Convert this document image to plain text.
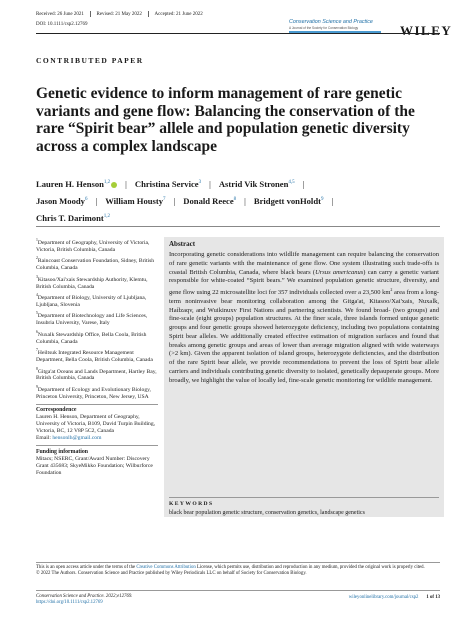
Received: 26 June 2021	Revised: 21 May 2022	Accepted: 21 June 2022
DOI: 10.1111/csp2.12769	Conservation Science and Practice
A Journal of the Society for Conservation Biology	WILEY
CONTRIBUTED PAPER
Genetic evidence to inform management of rare genetic variants and gene flow: Balancing the conservation of the rare “Spirit bear” allele and population genetic diversity across a complex landscape
Lauren H. Henson$^{1,2}$ | Christina Service$^3$ | Astrid Vik Stronen$^{4,5}$ |
Jason Moody$^6$ | William Housty$^7$ | Donald Reece$^8$ | Bridgett vonHoldt$^9$ |
Chris T. Darimont$^{1,2}$
$^1$Department of Geography, University of Victoria, Victoria, British Columbia, Canada
$^2$Raincoast Conservation Foundation, Sidney, British Columbia, Canada
$^3$Kitasoo/Xai'xais Stewardship Authority, Klemtu, British Columbia, Canada
$^4$Department of Biology, University of Ljubljana, Ljubljana, Slovenia
$^5$Department of Biotechnology and Life Sciences, Insubria University, Varese, Italy
$^6$Nuxalk Stewardship Office, Bella Coola, British Columbia, Canada
$^7$Heiltsuk Integrated Resource Management Department, Bella Coola, British Columbia, Canada
$^8$Gitga'at Oceans and Lands Department, Hartley Bay, British Columbia, Canada
$^9$Department of Ecology and Evolutionary Biology, Princeton University, Princeton, New Jersey, USA
Correspondence
Lauren H. Henson, Department of Geography, University of Victoria, B109, David Turpin Building, Victoria, BC, 12 V8P 5C2, Canada
Email: hensonlh@gmail.com
Funding information
Mitacs; NSERC, Grant/Award Number: Discovery Grant 435683; SkyeMikko Foundation; Wilburforce Foundation
Abstract
Incorporating genetic considerations into wildlife management can require balancing the conservation of rare genetic variants with the maintenance of gene flow. One system illustrating such trade-offs is coastal British Columbia, Canada, where black bears (Ursus americanus) can carry a genetic variant responsible for white-coated “Spirit bears.” We examined population genetic structure, diversity, and gene flow using 22 microsatellite loci for 357 individuals collected over a 23,500 $km^2$ area from a long-term noninvasive bear monitoring collaboration among the Gitga'at, Kitasoo/Xai'xais, Nuxalk, Haíɫzaqv, and Wuikinuxv First Nations and partnering scientists. We found broad- (two groups) and fine-scale (eight groups) population structures. At the finer scale, three islands formed unique genetic groups and four genetic groups showed heterozygote deficiency, including two populations containing Spirit bear alleles. We additionally created effective estimation of migration surfaces and found that breaks among genetic groups and areas of lower than average migration aligned with wide waterways (>2 km). Given the apparent isolation of island groups, heterozygote deficiencies, and the distribution of the rare Spirit bear allele, we provide recommendations to prevent the loss of Spirit bear allele carriers and individuals contributing genetic diversity to isolated, genetically depauperate groups. More broadly, we highlight the value of locally led, fine-scale genetic monitoring for wildlife management.
KEYWORDS
black bear population genetic structure, conservation genetics, landscape genetics
This is an open access article under the terms of the Creative Commons Attribution License, which permits use, distribution and reproduction in any medium, provided the original work is properly cited.
© 2022 The Authors. Conservation Science and Practice published by Wiley Periodicals LLC on behalf of Society for Conservation Biology.
Conservation Science and Practice. 2022;e12769.
https://doi.org/10.1111/csp2.12769
wileyonlinelibrary.com/journal/csp2 1 of 13
